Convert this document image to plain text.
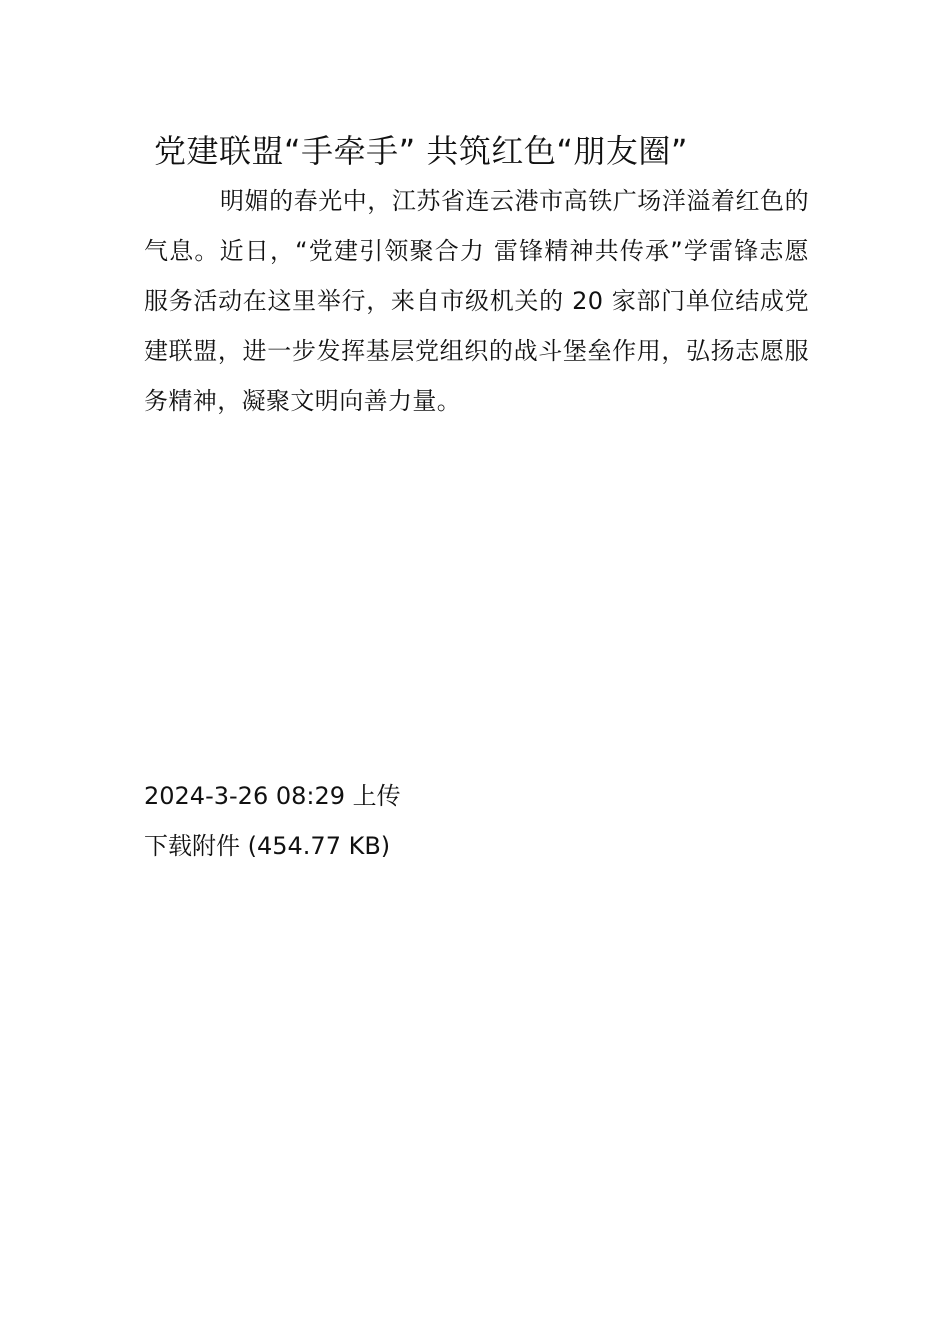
党建联盟“手牵手” 共筑红色“朋友圈”

明媚的春光中，江苏省连云港市高铁广场洋溢着红色的气息。近日，“党建引领聚合力 雷锋精神共传承”学雷锋志愿服务活动在这里举行，来自市级机关的 20 家部门单位结成党建联盟，进一步发挥基层党组织的战斗堡垒作用，弘扬志愿服务精神，凝聚文明向善力量。

2024-3-26 08:29 上传
下载附件 (454.77 KB)
